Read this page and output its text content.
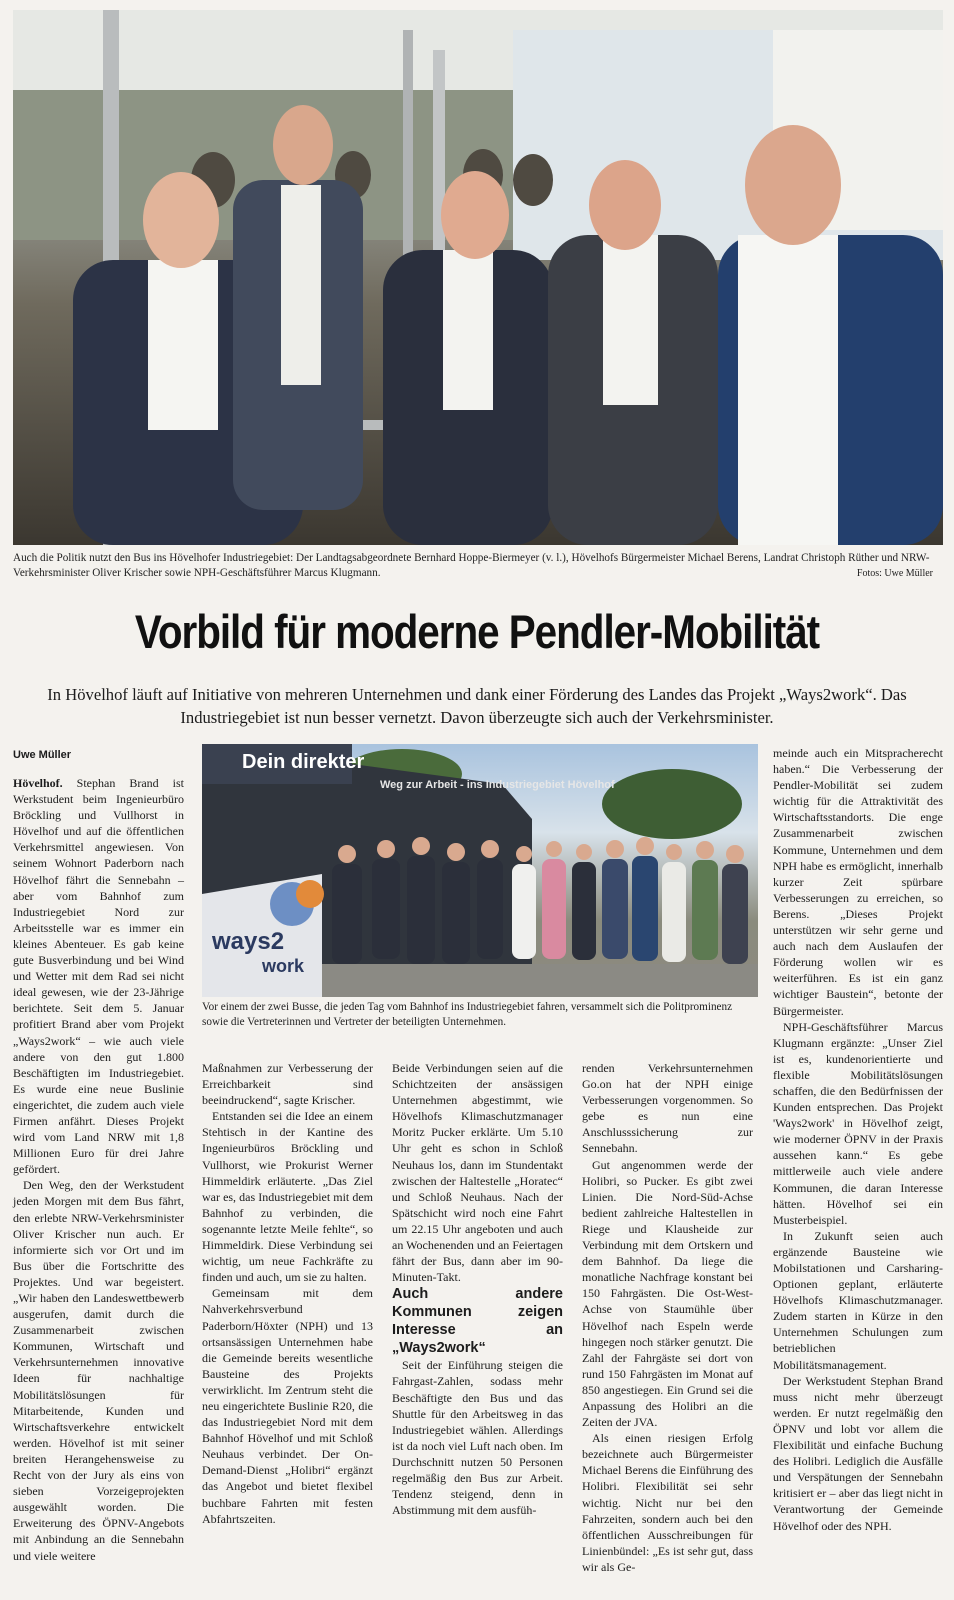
Auch die Politik nutzt den Bus ins Hövelhofer Industriegebiet: Der Landtagsabgeordnete Bernhard Hoppe-Biermeyer (v. l.), Hövelhofs Bürgermeister Michael Berens, Landrat Christoph Rüther und NRW-Verkehrsminister Oliver Krischer sowie NPH-Geschäftsführer Marcus Klugmann.	Fotos: Uwe Müller
Vorbild für moderne Pendler-Mobilität
In Hövelhof läuft auf Initiative von mehreren Unternehmen und dank einer Förderung des Landes das Projekt „Ways2work“. Das Industriegebiet ist nun besser vernetzt. Davon überzeugte sich auch der Verkehrsminister.
Uwe Müller

Hövelhof. Stephan Brand ist Werkstudent beim Ingenieurbüro Bröckling und Vullhorst in Hövelhof und auf die öffentlichen Verkehrsmittel angewiesen. Von seinem Wohnort Paderborn nach Hövelhof fährt die Sennebahn – aber vom Bahnhof zum Industriegebiet Nord zur Arbeitsstelle war es immer ein kleines Abenteuer. Es gab keine gute Busverbindung und bei Wind und Wetter mit dem Rad sei nicht ideal gewesen, wie der 23-Jährige berichtete. Seit dem 5. Januar profitiert Brand aber vom Projekt „Ways2work“ – wie auch viele andere von den gut 1.800 Beschäftigten im Industriegebiet. Es wurde eine neue Buslinie eingerichtet, die zudem auch viele Firmen anfährt. Dieses Projekt wird vom Land NRW mit 1,8 Millionen Euro für drei Jahre gefördert.

Den Weg, den der Werkstudent jeden Morgen mit dem Bus fährt, den erlebte NRW-Verkehrsminister Oliver Krischer nun auch. Er informierte sich vor Ort und im Bus über die Fortschritte des Projektes. Und war begeistert. „Wir haben den Landeswettbewerb ausgerufen, damit durch die Zusammenarbeit zwischen Kommunen, Wirtschaft und Verkehrsunternehmen innovative Ideen für nachhaltige Mobilitätslösungen für Mitarbeitende, Kunden und Wirtschaftsverkehre entwickelt werden. Hövelhof ist mit seiner breiten Herangehensweise zu Recht von der Jury als eins von sieben Vorzeigeprojekten ausgewählt worden. Die Erweiterung des ÖPNV-Angebots mit Anbindung an die Sennebahn und viele weitere

Dein direkter
Weg zur Arbeit - ins Industriegebiet Hövelhof
ways2
work
Vor einem der zwei Busse, die jeden Tag vom Bahnhof ins Industriegebiet fahren, versammelt sich die Politprominenz sowie die Vertreterinnen und Vertreter der beteiligten Unternehmen.

Maßnahmen zur Verbesserung der Erreichbarkeit sind beeindruckend“, sagte Krischer.

Entstanden sei die Idee an einem Stehtisch in der Kantine des Ingenieurbüros Bröckling und Vullhorst, wie Prokurist Werner Himmeldirk erläuterte. „Das Ziel war es, das Industriegebiet mit dem Bahnhof zu verbinden, die sogenannte letzte Meile fehlte“, so Himmeldirk. Diese Verbindung sei wichtig, um neue Fachkräfte zu finden und auch, um sie zu halten.

Gemeinsam mit dem Nahverkehrsverbund Paderborn/Höxter (NPH) und 13 ortsansässigen Unternehmen habe die Gemeinde bereits wesentliche Bausteine des Projekts verwirklicht. Im Zentrum steht die neu eingerichtete Buslinie R20, die das Industriegebiet Nord mit dem Bahnhof Hövelhof und mit Schloß Neuhaus verbindet. Der On-Demand-Dienst „Holibri“ ergänzt das Angebot und bietet flexibel buchbare Fahrten mit festen Abfahrtszeiten.

Beide Verbindungen seien auf die Schichtzeiten der ansässigen Unternehmen abgestimmt, wie Hövelhofs Klimaschutzmanager Moritz Pucker erklärte. Um 5.10 Uhr geht es schon in Schloß Neuhaus los, dann im Stundentakt zwischen der Haltestelle „Horatec“ und Schloß Neuhaus. Nach der Spätschicht wird noch eine Fahrt um 22.15 Uhr angeboten und auch an Wochenenden und an Feiertagen fährt der Bus, dann aber im 90-Minuten-Takt.

Auch andere Kommunen zeigen Interesse an „Ways2work“

Seit der Einführung steigen die Fahrgast-Zahlen, sodass mehr Beschäftigte den Bus und das Shuttle für den Arbeitsweg in das Industriegebiet wählen. Allerdings ist da noch viel Luft nach oben. Im Durchschnitt nutzen 50 Personen regelmäßig den Bus zur Arbeit. Tendenz steigend, denn in Abstimmung mit dem ausfüh-

renden Verkehrsunternehmen Go.on hat der NPH einige Verbesserungen vorgenommen. So gebe es nun eine Anschlusssicherung zur Sennebahn.

Gut angenommen werde der Holibri, so Pucker. Es gibt zwei Linien. Die Nord-Süd-Achse bedient zahlreiche Haltestellen in Riege und Klausheide zur Verbindung mit dem Ortskern und dem Bahnhof. Da liege die monatliche Nachfrage konstant bei 150 Fahrgästen. Die Ost-West-Achse von Staumühle über Hövelhof nach Espeln werde hingegen noch stärker genutzt. Die Zahl der Fahrgäste sei dort von rund 150 Fahrgästen im Monat auf 850 angestiegen. Ein Grund sei die Anpassung des Holibri an die Zeiten der JVA.

Als einen riesigen Erfolg bezeichnete auch Bürgermeister Michael Berens die Einführung des Holibri. Flexibilität sei sehr wichtig. Nicht nur bei den Fahrzeiten, sondern auch bei den öffentlichen Ausschreibungen für Linienbündel: „Es ist sehr gut, dass wir als Ge-

meinde auch ein Mitspracherecht haben.“ Die Verbesserung der Pendler-Mobilität sei zudem wichtig für die Attraktivität des Wirtschaftsstandorts. Die enge Zusammenarbeit zwischen Kommune, Unternehmen und dem NPH habe es ermöglicht, innerhalb kurzer Zeit spürbare Verbesserungen zu erreichen, so Berens. „Dieses Projekt unterstützen wir sehr gerne und auch nach dem Auslaufen der Förderung wollen wir es weiterführen. Es ist ein ganz wichtiger Baustein“, betonte der Bürgermeister.

NPH-Geschäftsführer Marcus Klugmann ergänzte: „Unser Ziel ist es, kundenorientierte und flexible Mobilitätslösungen schaffen, die den Bedürfnissen der Kunden entsprechen. Das Projekt 'Ways2work' in Hövelhof zeigt, wie moderner ÖPNV in der Praxis aussehen kann.“ Es gebe mittlerweile auch viele andere Kommunen, die daran Interesse hätten. Hövelhof sei ein Musterbeispiel.

In Zukunft seien auch ergänzende Bausteine wie Mobilstationen und Carsharing-Optionen geplant, erläuterte Hövelhofs Klimaschutzmanager. Zudem starten in Kürze in den Unternehmen Schulungen zum betrieblichen Mobilitätsmanagement.

Der Werkstudent Stephan Brand muss nicht mehr überzeugt werden. Er nutzt regelmäßig den ÖPNV und lobt vor allem die Flexibilität und einfache Buchung des Holibri. Lediglich die Ausfälle und Verspätungen der Sennebahn kritisiert er – aber das liegt nicht in Verantwortung der Gemeinde Hövelhof oder des NPH.
